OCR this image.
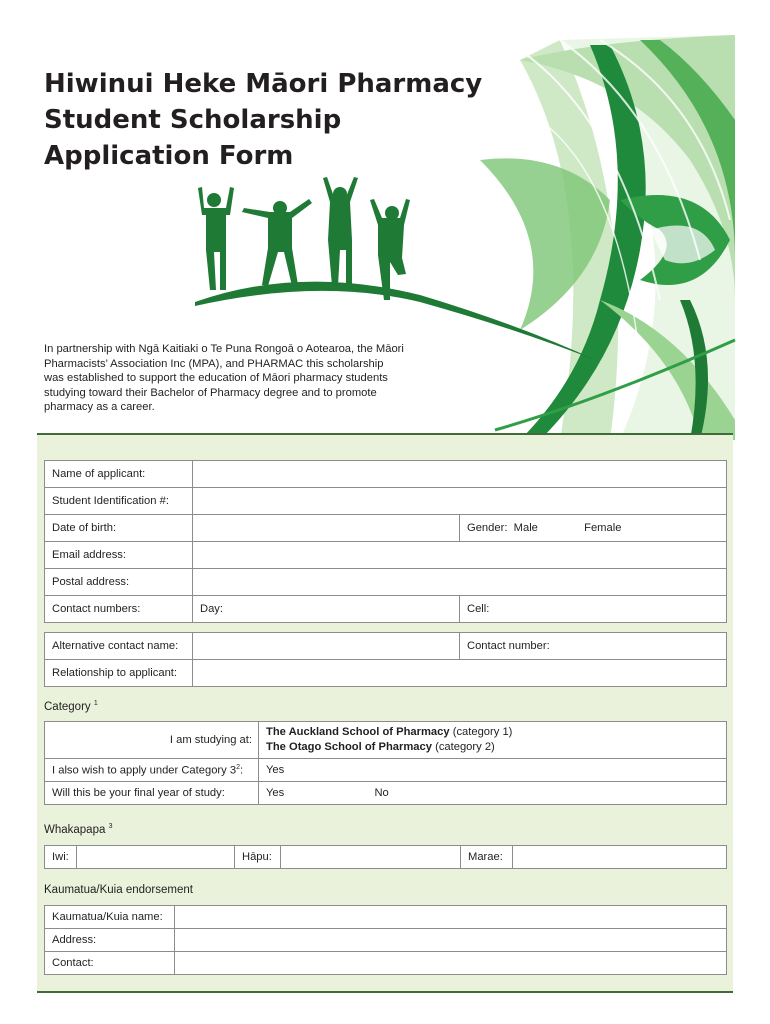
Hiwinui Heke Māori Pharmacy
Student Scholarship
Application Form

In partnership with Ngā Kaitiaki o Te Puna Rongoā o Aotearoa, the Māori Pharmacists’ Association Inc (MPA), and PHARMAC this scholarship was established to support the education of Māori pharmacy students studying toward their Bachelor of Pharmacy degree and to promote pharmacy as a career.

Name of applicant:		
Student Identification #:		
Date of birth:		Gender: Male Female
Email address:		
Postal address:		
Contact numbers:	Day:	Cell:
Alternative contact name:		Contact number:
Relationship to applicant:		
Category $^1$
I am studying at:	The Auckland School of Pharmacy (category 1)
The Otago School of Pharmacy (category 2)

I also wish to apply under Category $3^2$:	Yes
Will this be your final year of study:	Yes No
Whakapapa $^3$
Iwi:		Hāpu:		Marae:	
Kaumatua/Kuia endorsement
Kaumatua/Kuia name:	
Address:	
Contact:	
